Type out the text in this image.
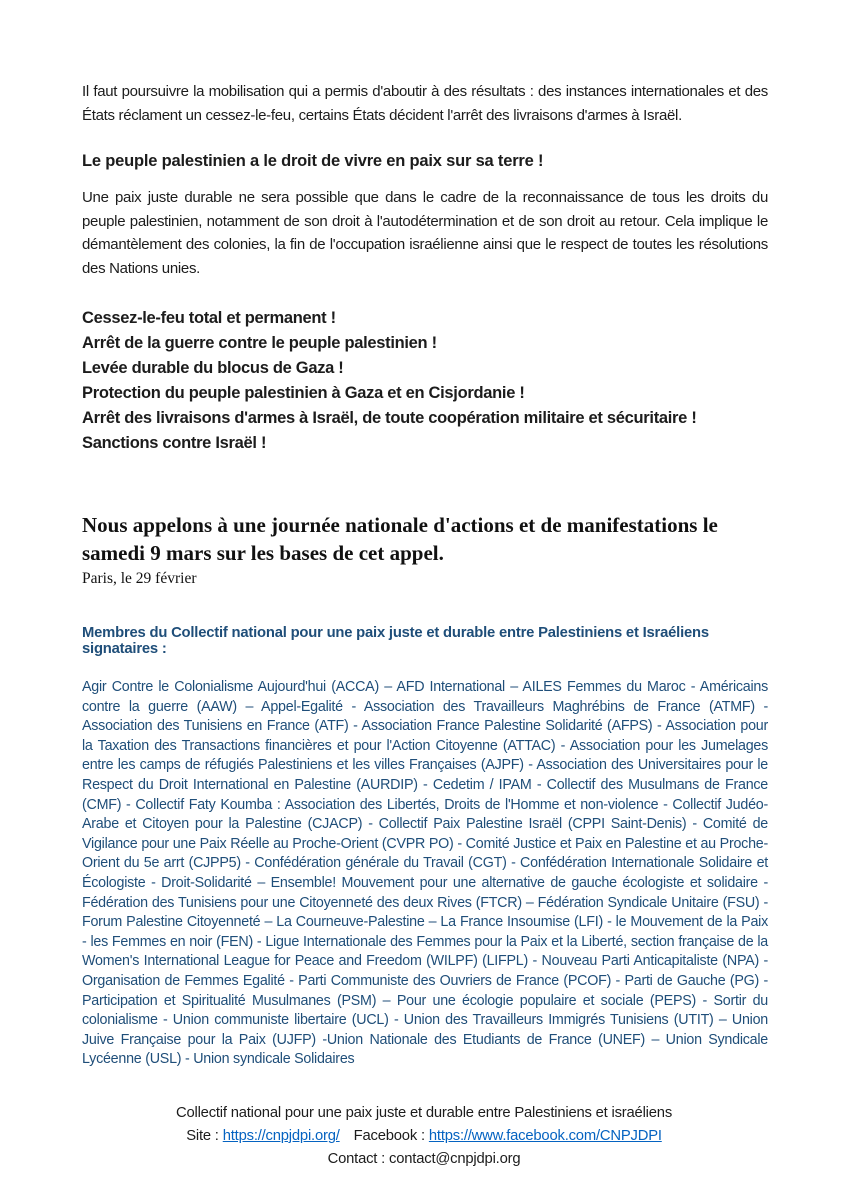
Il faut poursuivre la mobilisation qui a permis d'aboutir à des résultats : des instances internationales et des États réclament un cessez-le-feu, certains États décident l'arrêt des livraisons d'armes à Israël.

Le peuple palestinien a le droit de vivre en paix sur sa terre !

Une paix juste durable ne sera possible que dans le cadre de la reconnaissance de tous les droits du peuple palestinien, notamment de son droit à l'autodétermination et de son droit au retour. Cela implique le démantèlement des colonies, la fin de l'occupation israélienne ainsi que le respect de toutes les résolutions des Nations unies.

Cessez-le-feu total et permanent !
Arrêt de la guerre contre le peuple palestinien !
Levée durable du blocus de Gaza !
Protection du peuple palestinien à Gaza et en Cisjordanie !
Arrêt des livraisons d'armes à Israël, de toute coopération militaire et sécuritaire !
Sanctions contre Israël !
Nous appelons à une journée nationale d'actions et de manifestations le samedi 9 mars sur les bases de cet appel.
Paris, le 29 février
Membres du Collectif national pour une paix juste et durable entre Palestiniens et Israéliens signataires :

Agir Contre le Colonialisme Aujourd'hui (ACCA) – AFD International – AILES Femmes du Maroc - Américains contre la guerre (AAW) – Appel-Egalité - Association des Travailleurs Maghrébins de France (ATMF) - Association des Tunisiens en France (ATF) - Association France Palestine Solidarité (AFPS) - Association pour la Taxation des Transactions financières et pour l'Action Citoyenne (ATTAC) - Association pour les Jumelages entre les camps de réfugiés Palestiniens et les villes Françaises (AJPF) - Association des Universitaires pour le Respect du Droit International en Palestine (AURDIP) - Cedetim / IPAM - Collectif des Musulmans de France (CMF) - Collectif Faty Koumba : Association des Libertés, Droits de l'Homme et non-violence - Collectif Judéo-Arabe et Citoyen pour la Palestine (CJACP) - Collectif Paix Palestine Israël (CPPI Saint-Denis) - Comité de Vigilance pour une Paix Réelle au Proche-Orient (CVPR PO) - Comité Justice et Paix en Palestine et au Proche-Orient du 5e arrt (CJPP5) - Confédération générale du Travail (CGT) - Confédération Internationale Solidaire et Écologiste - Droit-Solidarité – Ensemble! Mouvement pour une alternative de gauche écologiste et solidaire - Fédération des Tunisiens pour une Citoyenneté des deux Rives (FTCR) – Fédération Syndicale Unitaire (FSU) - Forum Palestine Citoyenneté – La Courneuve-Palestine – La France Insoumise (LFI) - le Mouvement de la Paix - les Femmes en noir (FEN) - Ligue Internationale des Femmes pour la Paix et la Liberté, section française de la Women's International League for Peace and Freedom (WILPF) (LIFPL) - Nouveau Parti Anticapitaliste (NPA) - Organisation de Femmes Egalité - Parti Communiste des Ouvriers de France (PCOF) - Parti de Gauche (PG) - Participation et Spiritualité Musulmanes (PSM) – Pour une écologie populaire et sociale (PEPS) - Sortir du colonialisme - Union communiste libertaire (UCL) - Union des Travailleurs Immigrés Tunisiens (UTIT) – Union Juive Française pour la Paix (UJFP) -Union Nationale des Etudiants de France (UNEF) – Union Syndicale Lycéenne (USL) - Union syndicale Solidaires

Collectif national pour une paix juste et durable entre Palestiniens et israéliens
Site : https://cnpjdpi.org/ Facebook : https://www.facebook.com/CNPJDPI
Contact : contact@cnpjdpi.org
